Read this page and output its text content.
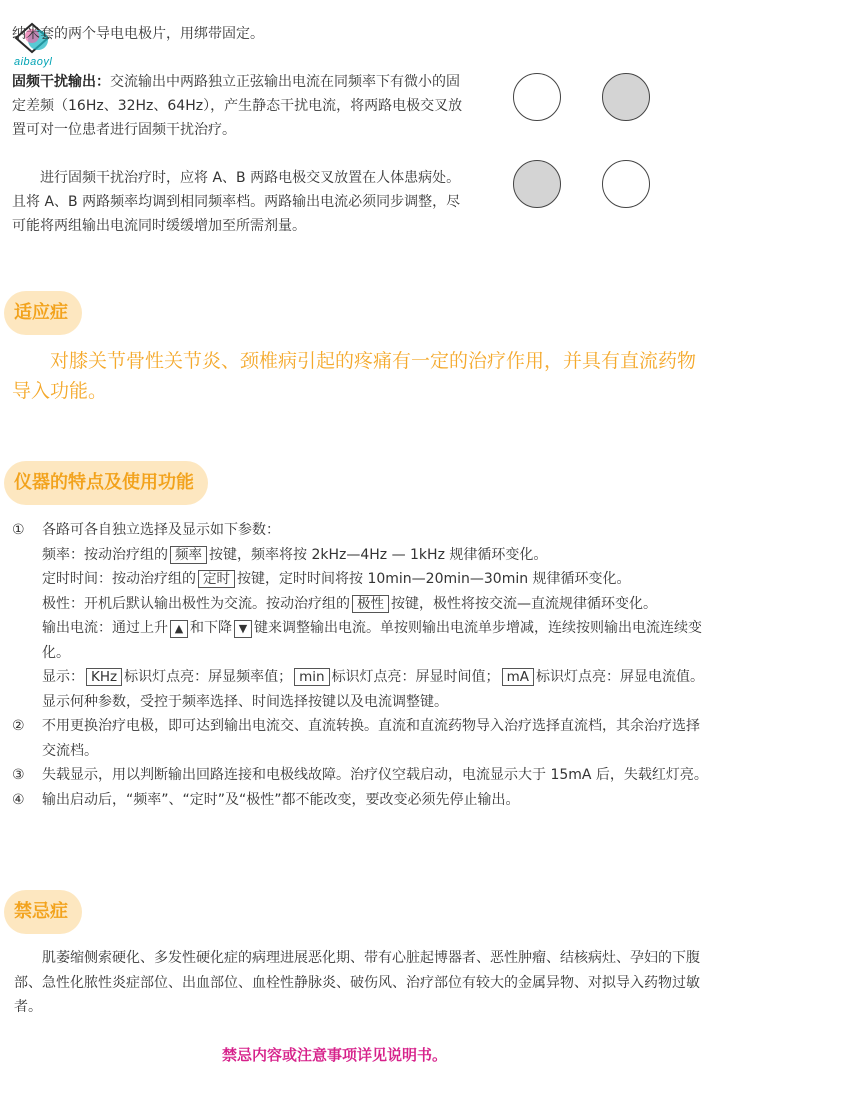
aibaoyl
纳米套的两个导电电极片，用绑带固定。
固频干扰输出：交流输出中两路独立正弦输出电流在同频率下有微小的固定差频（16Hz、32Hz、64Hz），产生静态干扰电流，将两路电极交叉放置可对一位患者进行固频干扰治疗。
进行固频干扰治疗时，应将 A、B 两路电极交叉放置在人体患病处。且将 A、B 两路频率均调到相同频率档。两路输出电流必须同步调整，尽可能将两组输出电流同时缓缓增加至所需剂量。
适应症
对膝关节骨性关节炎、颈椎病引起的疼痛有一定的治疗作用，并具有直流药物导入功能。
仪器的特点及使用功能
① 各路可各自独立选择及显示如下参数：
频率：按动治疗组的 频率 按键，频率将按 2kHz—4Hz — 1kHz 规律循环变化。
定时时间：按动治疗组的 定时 按键，定时时间将按 10min—20min—30min 规律循环变化。
极性：开机后默认输出极性为交流。按动治疗组的 极性 按键，极性将按交流—直流规律循环变化。
输出电流：通过上升 ▲ 和下降 ▼ 键来调整输出电流。单按则输出电流单步增减，连续按则输出电流连续变化。
显示： KHz 标识灯点亮：屏显频率值； min 标识灯点亮：屏显时间值； mA 标识灯点亮：屏显电流值。显示何种参数，受控于频率选择、时间选择按键以及电流调整键。
② 不用更换治疗电极，即可达到输出电流交、直流转换。直流和直流药物导入治疗选择直流档，其余治疗选择交流档。
③ 失载显示，用以判断输出回路连接和电极线故障。治疗仪空载启动，电流显示大于 15mA 后，失载红灯亮。
④ 输出启动后，“频率”、“定时”及“极性”都不能改变，要改变必须先停止输出。
禁忌症
肌萎缩侧索硬化、多发性硬化症的病理进展恶化期、带有心脏起博器者、恶性肿瘤、结核病灶、孕妇的下腹部、急性化脓性炎症部位、出血部位、血栓性静脉炎、破伤风、治疗部位有较大的金属异物、对拟导入药物过敏者。
禁忌内容或注意事项详见说明书。
